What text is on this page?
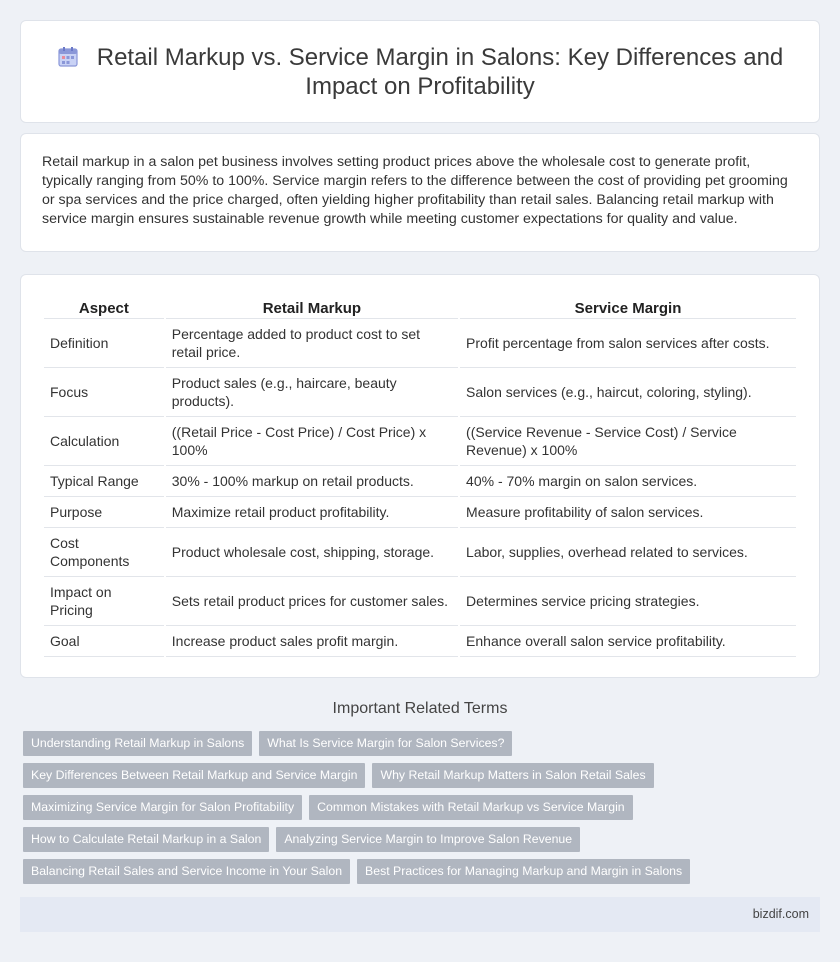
Retail Markup vs. Service Margin in Salons: Key Differences and
Impact on Profitability

Retail markup in a salon pet business involves setting product prices above the wholesale cost to generate profit, typically ranging from 50% to 100%. Service margin refers to the difference between the cost of providing pet grooming or spa services and the price charged, often yielding higher profitability than retail sales. Balancing retail markup with service margin ensures sustainable revenue growth while meeting customer expectations for quality and value.

Aspect	Retail Markup	Service Margin
Definition	Percentage added to product cost to set retail price.	Profit percentage from salon services after costs.
Focus	Product sales (e.g., haircare, beauty products).	Salon services (e.g., haircut, coloring, styling).
Calculation	((Retail Price - Cost Price) / Cost Price) x 100%	((Service Revenue - Service Cost) / Service Revenue) x 100%
Typical Range	30% - 100% markup on retail products.	40% - 70% margin on salon services.
Purpose	Maximize retail product profitability.	Measure profitability of salon services.
Cost Components	Product wholesale cost, shipping, storage.	Labor, supplies, overhead related to services.
Impact on Pricing	Sets retail product prices for customer sales.	Determines service pricing strategies.
Goal	Increase product sales profit margin.	Enhance overall salon service profitability.
Important Related Terms
Understanding Retail Markup in Salons	What Is Service Margin for Salon Services?
Key Differences Between Retail Markup and Service Margin	Why Retail Markup Matters in Salon Retail Sales
Maximizing Service Margin for Salon Profitability	Common Mistakes with Retail Markup vs Service Margin
How to Calculate Retail Markup in a Salon	Analyzing Service Margin to Improve Salon Revenue
Balancing Retail Sales and Service Income in Your Salon	Best Practices for Managing Markup and Margin in Salons
bizdif.com
